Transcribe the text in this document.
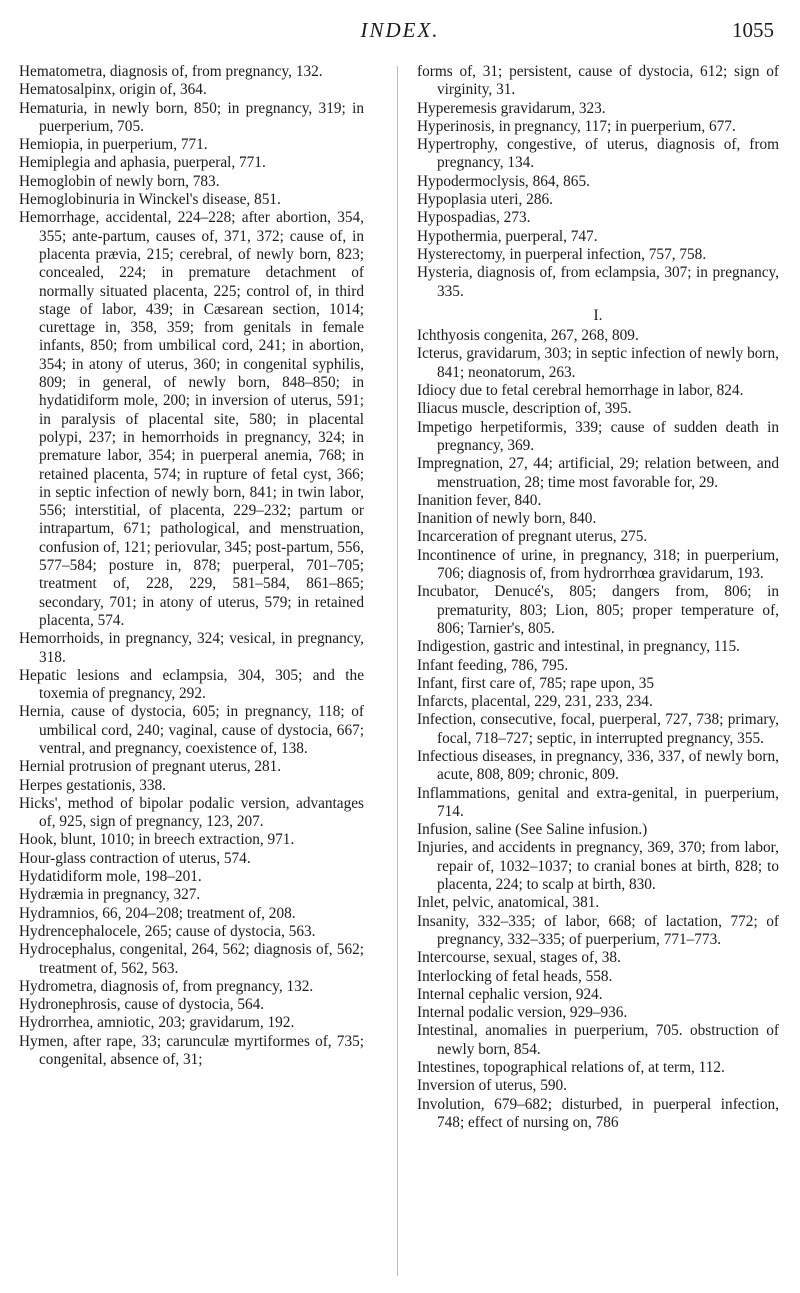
INDEX.	1055

Hematometra, diagnosis of, from pregnancy, 132.

Hematosalpinx, origin of, 364.

Hematuria, in newly born, 850; in pregnancy, 319; in puerperium, 705.

Hemiopia, in puerperium, 771.

Hemiplegia and aphasia, puerperal, 771.

Hemoglobin of newly born, 783.

Hemoglobinuria in Winckel's disease, 851.

Hemorrhage, accidental, 224–228; after abortion, 354, 355; ante-partum, causes of, 371, 372; cause of, in placenta prævia, 215; cerebral, of newly born, 823; concealed, 224; in premature detachment of normally situated placenta, 225; control of, in third stage of labor, 439; in Cæsarean section, 1014; curettage in, 358, 359; from genitals in female infants, 850; from umbilical cord, 241; in abortion, 354; in atony of uterus, 360; in congenital syphilis, 809; in general, of newly born, 848–850; in hydatidiform mole, 200; in inversion of uterus, 591; in paralysis of placental site, 580; in placental polypi, 237; in hemorrhoids in pregnancy, 324; in premature labor, 354; in puerperal anemia, 768; in retained placenta, 574; in rupture of fetal cyst, 366; in septic infection of newly born, 841; in twin labor, 556; interstitial, of placenta, 229–232; partum or intrapartum, 671; pathological, and menstruation, confusion of, 121; periovular, 345; post-partum, 556, 577–584; posture in, 878; puerperal, 701–705; treatment of, 228, 229, 581–584, 861–865; secondary, 701; in atony of uterus, 579; in retained placenta, 574.

Hemorrhoids, in pregnancy, 324; vesical, in pregnancy, 318.

Hepatic lesions and eclampsia, 304, 305; and the toxemia of pregnancy, 292.

Hernia, cause of dystocia, 605; in pregnancy, 118; of umbilical cord, 240; vaginal, cause of dystocia, 667; ventral, and pregnancy, coexistence of, 138.

Hernial protrusion of pregnant uterus, 281.

Herpes gestationis, 338.

Hicks', method of bipolar podalic version, advantages of, 925, sign of pregnancy, 123, 207.

Hook, blunt, 1010; in breech extraction, 971.

Hour-glass contraction of uterus, 574.

Hydatidiform mole, 198–201.

Hydræmia in pregnancy, 327.

Hydramnios, 66, 204–208; treatment of, 208.

Hydrencephalocele, 265; cause of dystocia, 563.

Hydrocephalus, congenital, 264, 562; diagnosis of, 562; treatment of, 562, 563.

Hydrometra, diagnosis of, from pregnancy, 132.

Hydronephrosis, cause of dystocia, 564.

Hydrorrhea, amniotic, 203; gravidarum, 192.

Hymen, after rape, 33; carunculæ myrtiformes of, 735; congenital, absence of, 31;

forms of, 31; persistent, cause of dystocia, 612; sign of virginity, 31.

Hyperemesis gravidarum, 323.

Hyperinosis, in pregnancy, 117; in puerperium, 677.

Hypertrophy, congestive, of uterus, diagnosis of, from pregnancy, 134.

Hypodermoclysis, 864, 865.

Hypoplasia uteri, 286.

Hypospadias, 273.

Hypothermia, puerperal, 747.

Hysterectomy, in puerperal infection, 757, 758.

Hysteria, diagnosis of, from eclampsia, 307; in pregnancy, 335.

I.

Ichthyosis congenita, 267, 268, 809.

Icterus, gravidarum, 303; in septic infection of newly born, 841; neonatorum, 263.

Idiocy due to fetal cerebral hemorrhage in labor, 824.

Iliacus muscle, description of, 395.

Impetigo herpetiformis, 339; cause of sudden death in pregnancy, 369.

Impregnation, 27, 44; artificial, 29; relation between, and menstruation, 28; time most favorable for, 29.

Inanition fever, 840.

Inanition of newly born, 840.

Incarceration of pregnant uterus, 275.

Incontinence of urine, in pregnancy, 318; in puerperium, 706; diagnosis of, from hydrorrhœa gravidarum, 193.

Incubator, Denucé's, 805; dangers from, 806; in prematurity, 803; Lion, 805; proper temperature of, 806; Tarnier's, 805.

Indigestion, gastric and intestinal, in pregnancy, 115.

Infant feeding, 786, 795.

Infant, first care of, 785; rape upon, 35

Infarcts, placental, 229, 231, 233, 234.

Infection, consecutive, focal, puerperal, 727, 738; primary, focal, 718–727; septic, in interrupted pregnancy, 355.

Infectious diseases, in pregnancy, 336, 337, of newly born, acute, 808, 809; chronic, 809.

Inflammations, genital and extra-genital, in puerperium, 714.

Infusion, saline (See Saline infusion.)

Injuries, and accidents in pregnancy, 369, 370; from labor, repair of, 1032–1037; to cranial bones at birth, 828; to placenta, 224; to scalp at birth, 830.

Inlet, pelvic, anatomical, 381.

Insanity, 332–335; of labor, 668; of lactation, 772; of pregnancy, 332–335; of puerperium, 771–773.

Intercourse, sexual, stages of, 38.

Interlocking of fetal heads, 558.

Internal cephalic version, 924.

Internal podalic version, 929–936.

Intestinal, anomalies in puerperium, 705. obstruction of newly born, 854.

Intestines, topographical relations of, at term, 112.

Inversion of uterus, 590.

Involution, 679–682; disturbed, in puerperal infection, 748; effect of nursing on, 786
